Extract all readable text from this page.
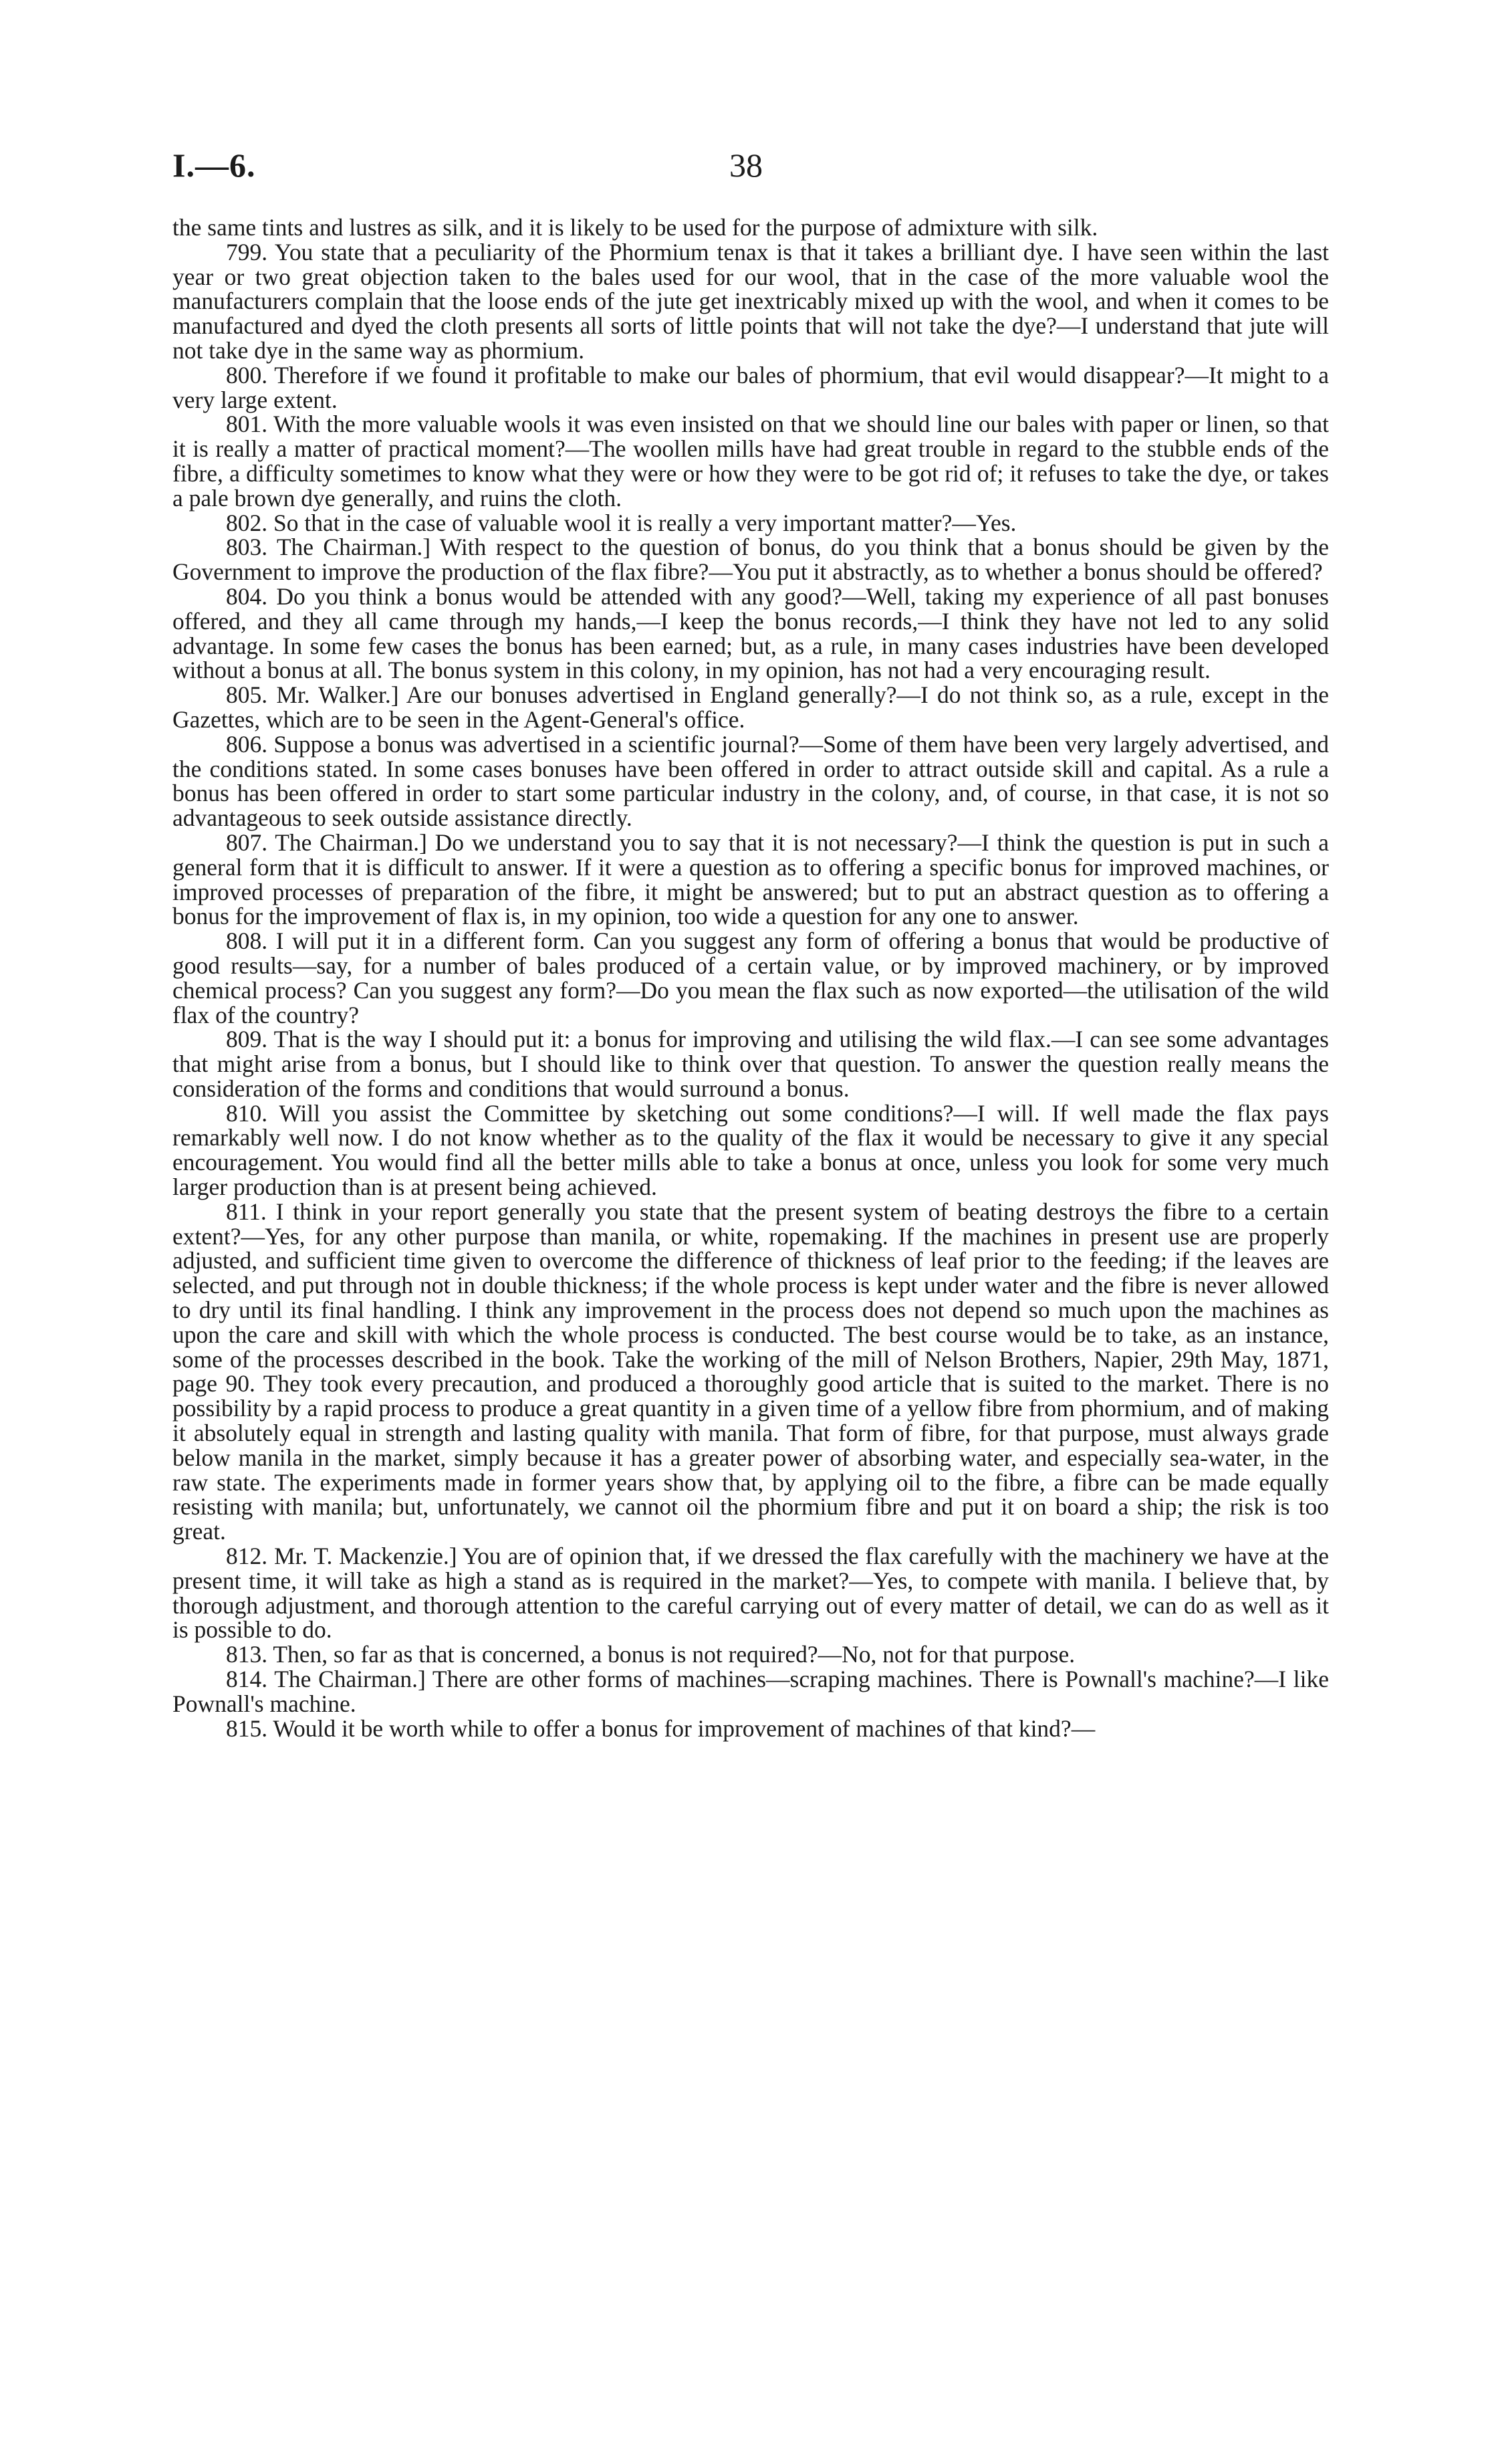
I.—6.	38

the same tints and lustres as silk, and it is likely to be used for the purpose of admixture with silk.

799. You state that a peculiarity of the Phormium tenax is that it takes a brilliant dye. I have seen within the last year or two great objection taken to the bales used for our wool, that in the case of the more valuable wool the manufacturers complain that the loose ends of the jute get inextricably mixed up with the wool, and when it comes to be manufactured and dyed the cloth presents all sorts of little points that will not take the dye?—I understand that jute will not take dye in the same way as phormium.

800. Therefore if we found it profitable to make our bales of phormium, that evil would disappear?—It might to a very large extent.

801. With the more valuable wools it was even insisted on that we should line our bales with paper or linen, so that it is really a matter of practical moment?—The woollen mills have had great trouble in regard to the stubble ends of the fibre, a difficulty sometimes to know what they were or how they were to be got rid of; it refuses to take the dye, or takes a pale brown dye generally, and ruins the cloth.

802. So that in the case of valuable wool it is really a very important matter?—Yes.

803. The Chairman.] With respect to the question of bonus, do you think that a bonus should be given by the Government to improve the production of the flax fibre?—You put it abstractly, as to whether a bonus should be offered?

804. Do you think a bonus would be attended with any good?—Well, taking my experience of all past bonuses offered, and they all came through my hands,—I keep the bonus records,—I think they have not led to any solid advantage. In some few cases the bonus has been earned; but, as a rule, in many cases industries have been developed without a bonus at all. The bonus system in this colony, in my opinion, has not had a very encouraging result.

805. Mr. Walker.] Are our bonuses advertised in England generally?—I do not think so, as a rule, except in the Gazettes, which are to be seen in the Agent-General's office.

806. Suppose a bonus was advertised in a scientific journal?—Some of them have been very largely advertised, and the conditions stated. In some cases bonuses have been offered in order to attract outside skill and capital. As a rule a bonus has been offered in order to start some particular industry in the colony, and, of course, in that case, it is not so advantageous to seek outside assistance directly.

807. The Chairman.] Do we understand you to say that it is not necessary?—I think the question is put in such a general form that it is difficult to answer. If it were a question as to offering a specific bonus for improved machines, or improved processes of preparation of the fibre, it might be answered; but to put an abstract question as to offering a bonus for the improvement of flax is, in my opinion, too wide a question for any one to answer.

808. I will put it in a different form. Can you suggest any form of offering a bonus that would be productive of good results—say, for a number of bales produced of a certain value, or by improved machinery, or by improved chemical process? Can you suggest any form?—Do you mean the flax such as now exported—the utilisation of the wild flax of the country?

809. That is the way I should put it: a bonus for improving and utilising the wild flax.—I can see some advantages that might arise from a bonus, but I should like to think over that question. To answer the question really means the consideration of the forms and conditions that would surround a bonus.

810. Will you assist the Committee by sketching out some conditions?—I will. If well made the flax pays remarkably well now. I do not know whether as to the quality of the flax it would be necessary to give it any special encouragement. You would find all the better mills able to take a bonus at once, unless you look for some very much larger production than is at present being achieved.

811. I think in your report generally you state that the present system of beating destroys the fibre to a certain extent?—Yes, for any other purpose than manila, or white, ropemaking. If the machines in present use are properly adjusted, and sufficient time given to overcome the difference of thickness of leaf prior to the feeding; if the leaves are selected, and put through not in double thickness; if the whole process is kept under water and the fibre is never allowed to dry until its final handling. I think any improvement in the process does not depend so much upon the machines as upon the care and skill with which the whole process is conducted. The best course would be to take, as an instance, some of the processes described in the book. Take the working of the mill of Nelson Brothers, Napier, 29th May, 1871, page 90. They took every precaution, and produced a thoroughly good article that is suited to the market. There is no possibility by a rapid process to produce a great quantity in a given time of a yellow fibre from phormium, and of making it absolutely equal in strength and lasting quality with manila. That form of fibre, for that purpose, must always grade below manila in the market, simply because it has a greater power of absorbing water, and especially sea-water, in the raw state. The experiments made in former years show that, by applying oil to the fibre, a fibre can be made equally resisting with manila; but, unfortunately, we cannot oil the phormium fibre and put it on board a ship; the risk is too great.

812. Mr. T. Mackenzie.] You are of opinion that, if we dressed the flax carefully with the machinery we have at the present time, it will take as high a stand as is required in the market?—Yes, to compete with manila. I believe that, by thorough adjustment, and thorough attention to the careful carrying out of every matter of detail, we can do as well as it is possible to do.

813. Then, so far as that is concerned, a bonus is not required?—No, not for that purpose.

814. The Chairman.] There are other forms of machines—scraping machines. There is Pownall's machine?—I like Pownall's machine.

815. Would it be worth while to offer a bonus for improvement of machines of that kind?—
